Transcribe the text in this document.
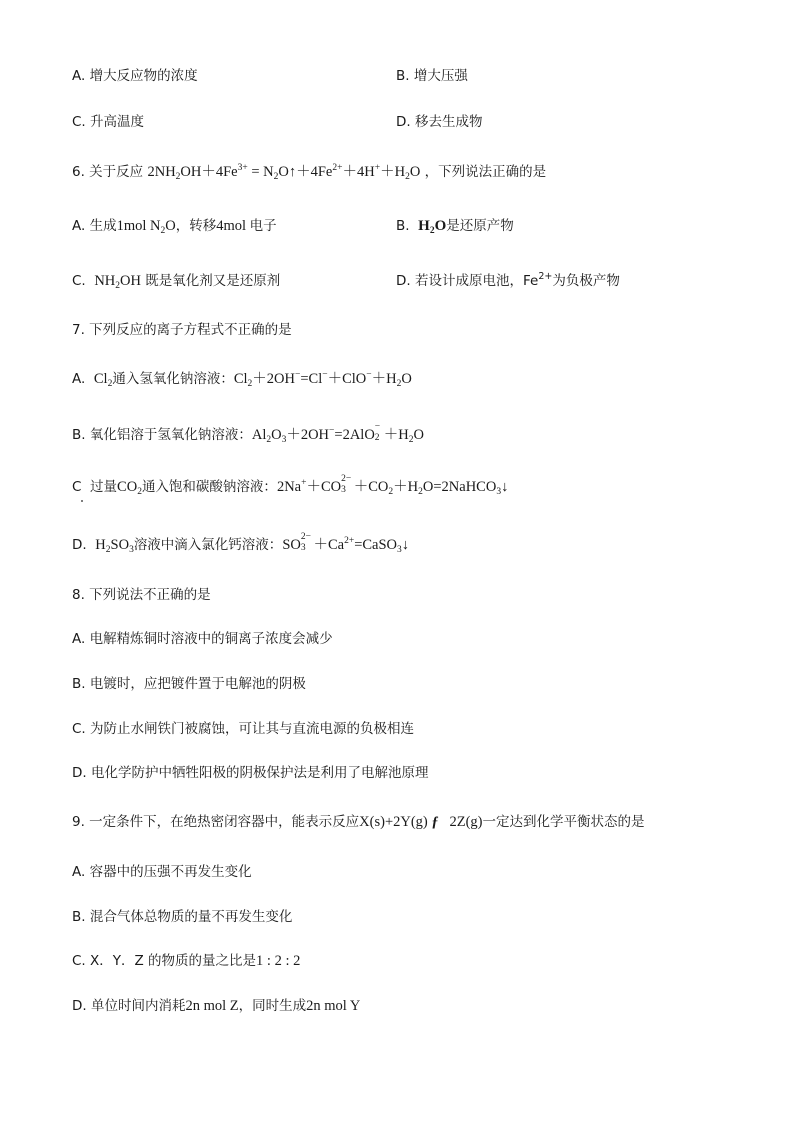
A. 增大反应物的浓度	B. 增大压强
C. 升高温度	D. 移去生成物
6. 关于反应 $2NH_2OH+4Fe^{3+}$ = $N_2O↑+4Fe^{2+}+4H^++H_2O$ ，下列说法正确的是
A. 生成1mol $N_2O$，转移4mol 电子	B. $H_2O$是还原产物
C. $NH_2OH$ 既是氧化剂又是还原剂	D. 若设计成原电池，$Fe^{2+}$为负极产物
7. 下列反应的离子方程式不正确的是
A. $Cl_2$通入氢氧化钠溶液：$Cl_2+2OH^-=Cl^-+ClO^-+H_2O$
B. 氧化铝溶于氢氧化钠溶液：$Al_2O_3+2OH^-=2AlO$ −
$2 +H_2O$
C 过量$CO_2$通入饱和碳酸钠溶液：2Na+＋CO 2−
$3 +CO_2+H_2O=2NaHCO_3↓$
D. $H_2SO_3$溶液中滴入氯化钙溶液：SO 2−
$3 +Ca^{2+}=CaSO_3↓$
8. 下列说法不正确的是
A. 电解精炼铜时溶液中的铜离子浓度会减少
B. 电镀时，应把镀件置于电解池的阴极
C. 为防止水闸铁门被腐蚀，可让其与直流电源的负极相连
D. 电化学防护中牺牲阳极的阴极保护法是利用了电解池原理
9. 一定条件下，在绝热密闭容器中，能表示反应X(s)+2Y(g) ƒ   2Z(g)一定达到化学平衡状态的是
A. 容器中的压强不再发生变化
B. 混合气体总物质的量不再发生变化
C. X．Y．Z 的物质的量之比是1 : 2 : 2
D. 单位时间内消耗2n mol Z，同时生成2n mol Y
